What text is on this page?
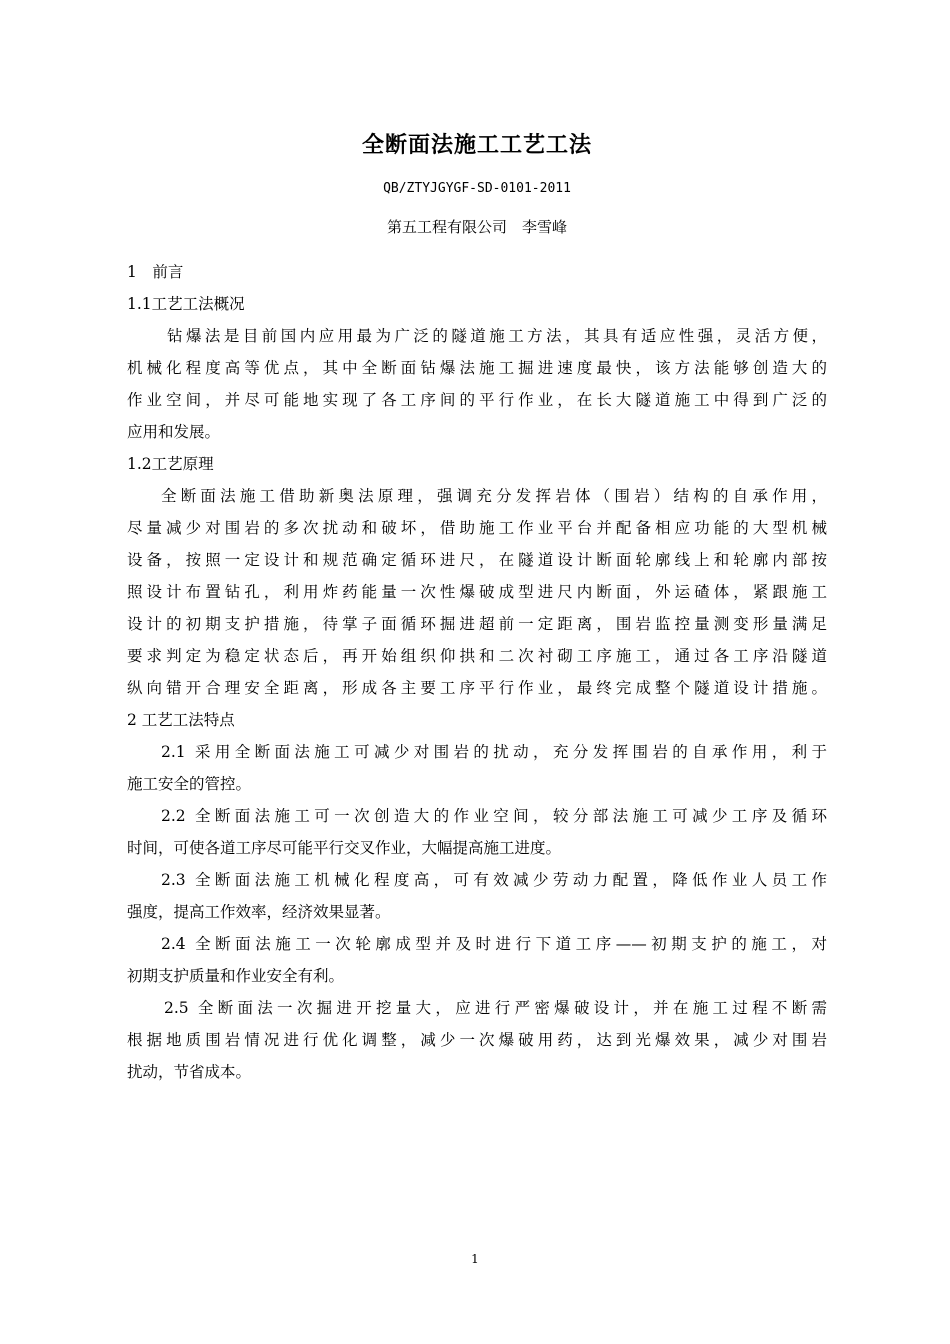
全断面法施工工艺工法
QB/ZTYJGYGF-SD-0101-2011
第五工程有限公司　李雪峰
1　前言
1.1工艺工法概况
钻爆法是目前国内应用最为广泛的隧道施工方法，其具有适应性强，灵活方便，
机械化程度高等优点，其中全断面钻爆法施工掘进速度最快，该方法能够创造大的
作业空间，并尽可能地实现了各工序间的平行作业，在长大隧道施工中得到广泛的
应用和发展。
1.2工艺原理
全断面法施工借助新奥法原理，强调充分发挥岩体（围岩）结构的自承作用，
尽量减少对围岩的多次扰动和破坏，借助施工作业平台并配备相应功能的大型机械
设备，按照一定设计和规范确定循环进尺，在隧道设计断面轮廓线上和轮廓内部按
照设计布置钻孔，利用炸药能量一次性爆破成型进尺内断面，外运碴体，紧跟施工
设计的初期支护措施，待掌子面循环掘进超前一定距离，围岩监控量测变形量满足
要求判定为稳定状态后，再开始组织仰拱和二次衬砌工序施工，通过各工序沿隧道
纵向错开合理安全距离，形成各主要工序平行作业，最终完成整个隧道设计措施。
2 工艺工法特点
2.1 采用全断面法施工可减少对围岩的扰动，充分发挥围岩的自承作用，利于
施工安全的管控。
2.2 全断面法施工可一次创造大的作业空间，较分部法施工可减少工序及循环
时间，可使各道工序尽可能平行交叉作业，大幅提高施工进度。
2.3 全断面法施工机械化程度高，可有效减少劳动力配置，降低作业人员工作
强度，提高工作效率，经济效果显著。
2.4 全断面法施工一次轮廓成型并及时进行下道工序——初期支护的施工，对
初期支护质量和作业安全有利。
2.5 全断面法一次掘进开挖量大，应进行严密爆破设计，并在施工过程不断需
根据地质围岩情况进行优化调整，减少一次爆破用药，达到光爆效果，减少对围岩
扰动，节省成本。
1
